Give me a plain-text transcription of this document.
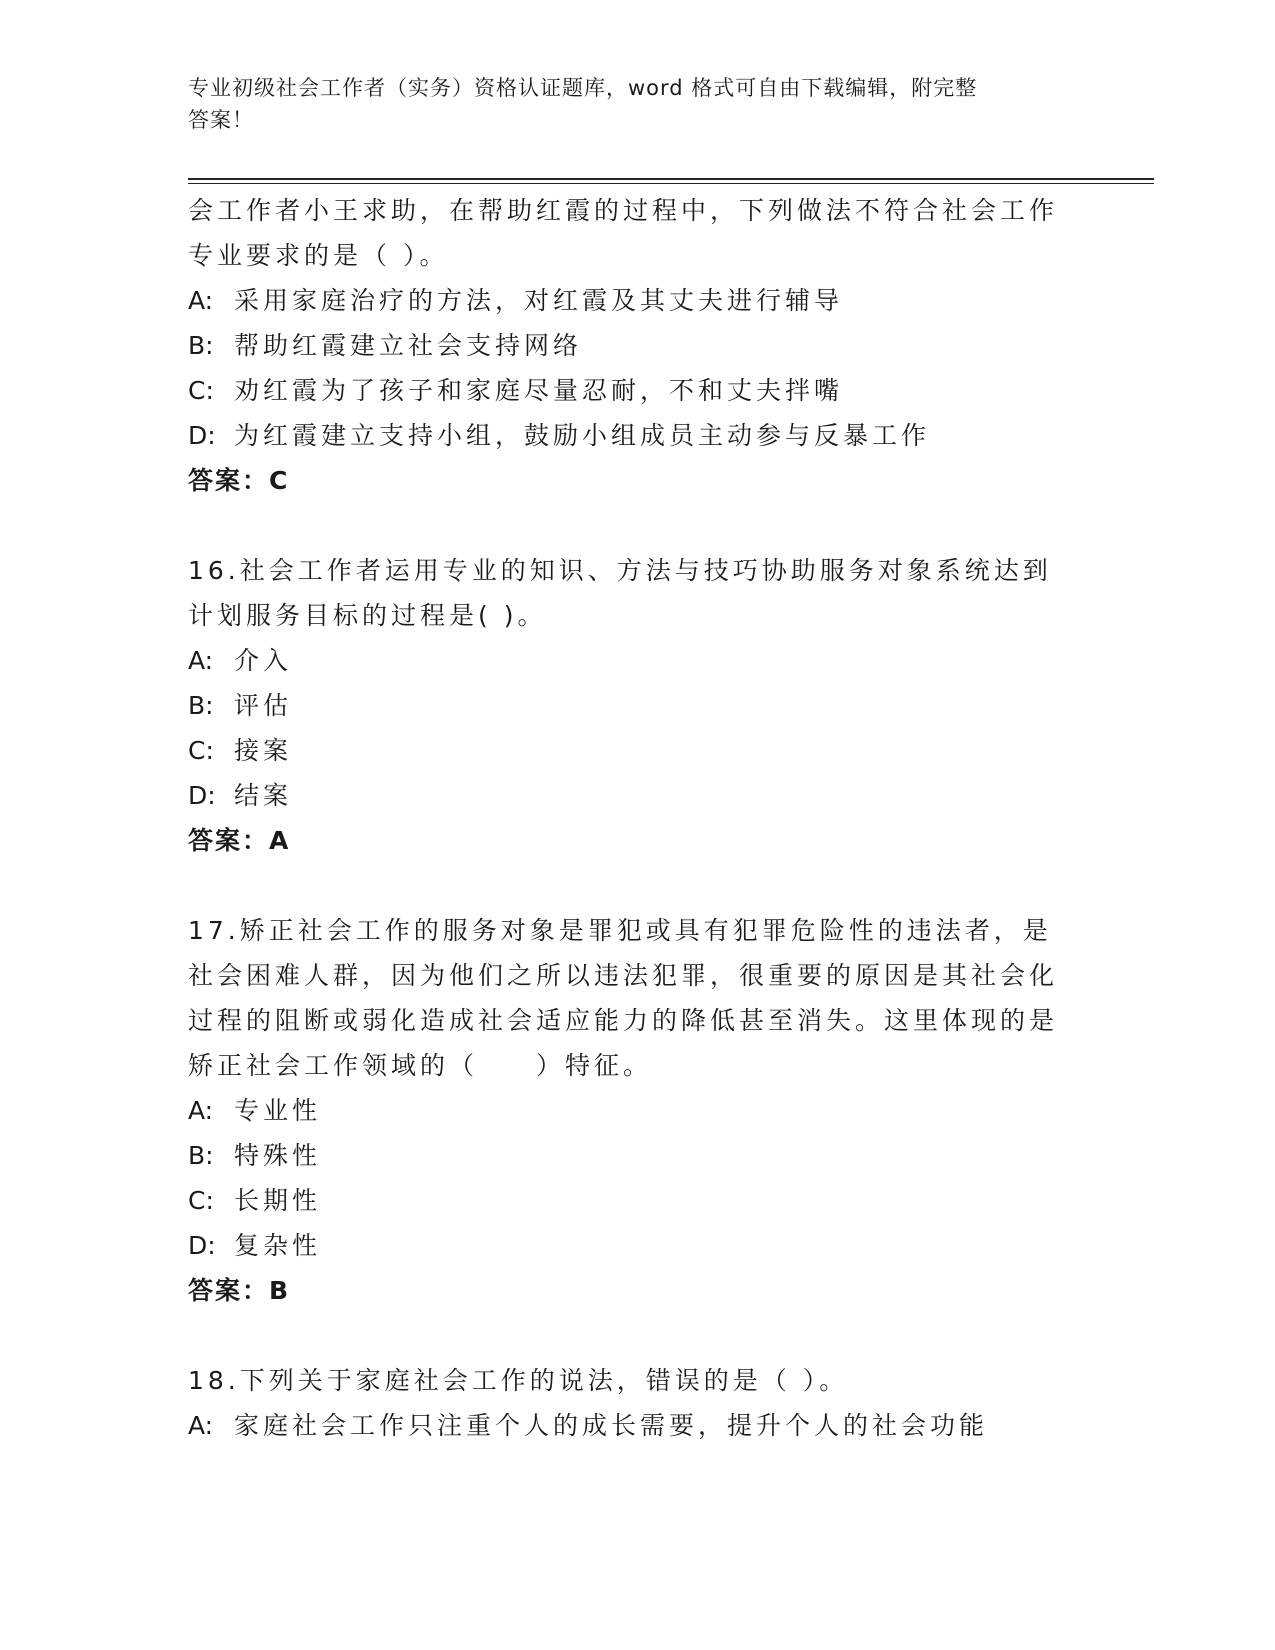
专业初级社会工作者（实务）资格认证题库，word 格式可自由下载编辑，附完整
答案！
会工作者小王求助，在帮助红霞的过程中，下列做法不符合社会工作专业要求的是（ ）。
A: 采用家庭治疗的方法，对红霞及其丈夫进行辅导
B: 帮助红霞建立社会支持网络
C: 劝红霞为了孩子和家庭尽量忍耐，不和丈夫拌嘴
D: 为红霞建立支持小组，鼓励小组成员主动参与反暴工作
答案：C
16.社会工作者运用专业的知识、方法与技巧协助服务对象系统达到计划服务目标的过程是( )。
A: 介入
B: 评估
C: 接案
D: 结案
答案：A
17.矫正社会工作的服务对象是罪犯或具有犯罪危险性的违法者，是社会困难人群，因为他们之所以违法犯罪，很重要的原因是其社会化过程的阻断或弱化造成社会适应能力的降低甚至消失。这里体现的是矫正社会工作领域的（　　）特征。
A: 专业性
B: 特殊性
C: 长期性
D: 复杂性
答案：B
18.下列关于家庭社会工作的说法，错误的是（ ）。
A: 家庭社会工作只注重个人的成长需要，提升个人的社会功能
